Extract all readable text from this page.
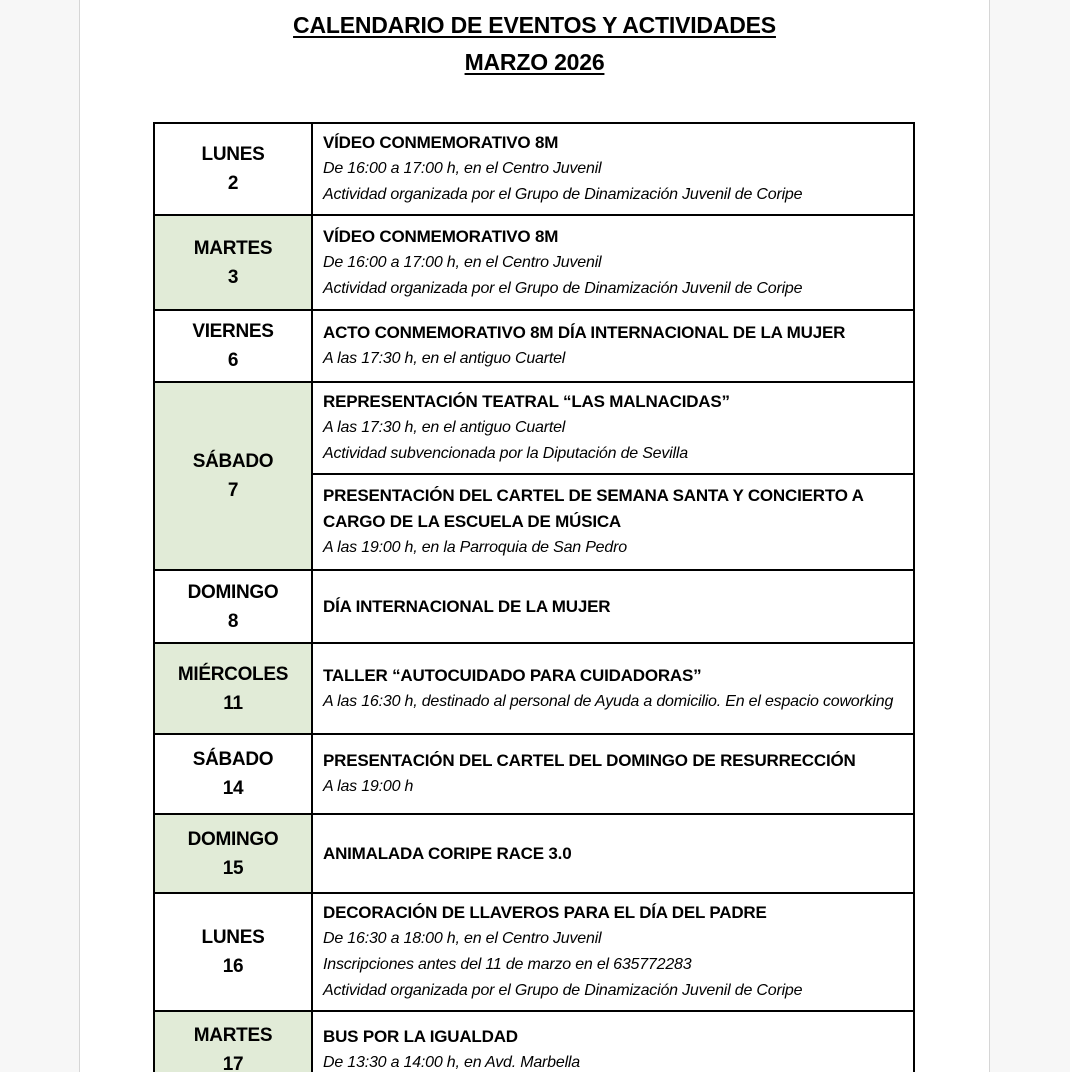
CALENDARIO DE EVENTOS Y ACTIVIDADES
MARZO 2026
LUNES
2
VÍDEO CONMEMORATIVO 8M
De 16:00 a 17:00 h, en el Centro Juvenil
Actividad organizada por el Grupo de Dinamización Juvenil de Coripe
MARTES
3
VÍDEO CONMEMORATIVO 8M
De 16:00 a 17:00 h, en el Centro Juvenil
Actividad organizada por el Grupo de Dinamización Juvenil de Coripe
VIERNES
6
ACTO CONMEMORATIVO 8M DÍA INTERNACIONAL DE LA MUJER
A las 17:30 h, en el antiguo Cuartel
SÁBADO
7
REPRESENTACIÓN TEATRAL “LAS MALNACIDAS”
A las 17:30 h, en el antiguo Cuartel
Actividad subvencionada por la Diputación de Sevilla
PRESENTACIÓN DEL CARTEL DE SEMANA SANTA Y CONCIERTO A CARGO DE LA ESCUELA DE MÚSICA
A las 19:00 h, en la Parroquia de San Pedro
DOMINGO
8
DÍA INTERNACIONAL DE LA MUJER
MIÉRCOLES
11
TALLER “AUTOCUIDADO PARA CUIDADORAS”
A las 16:30 h, destinado al personal de Ayuda a domicilio. En el espacio coworking
SÁBADO
14
PRESENTACIÓN DEL CARTEL DEL DOMINGO DE RESURRECCIÓN
A las 19:00 h
DOMINGO
15
ANIMALADA CORIPE RACE 3.0
LUNES
16
DECORACIÓN DE LLAVEROS PARA EL DÍA DEL PADRE
De 16:30 a 18:00 h, en el Centro Juvenil
Inscripciones antes del 11 de marzo en el 635772283
Actividad organizada por el Grupo de Dinamización Juvenil de Coripe
MARTES
17
BUS POR LA IGUALDAD
De 13:30 a 14:00 h, en Avd. Marbella
